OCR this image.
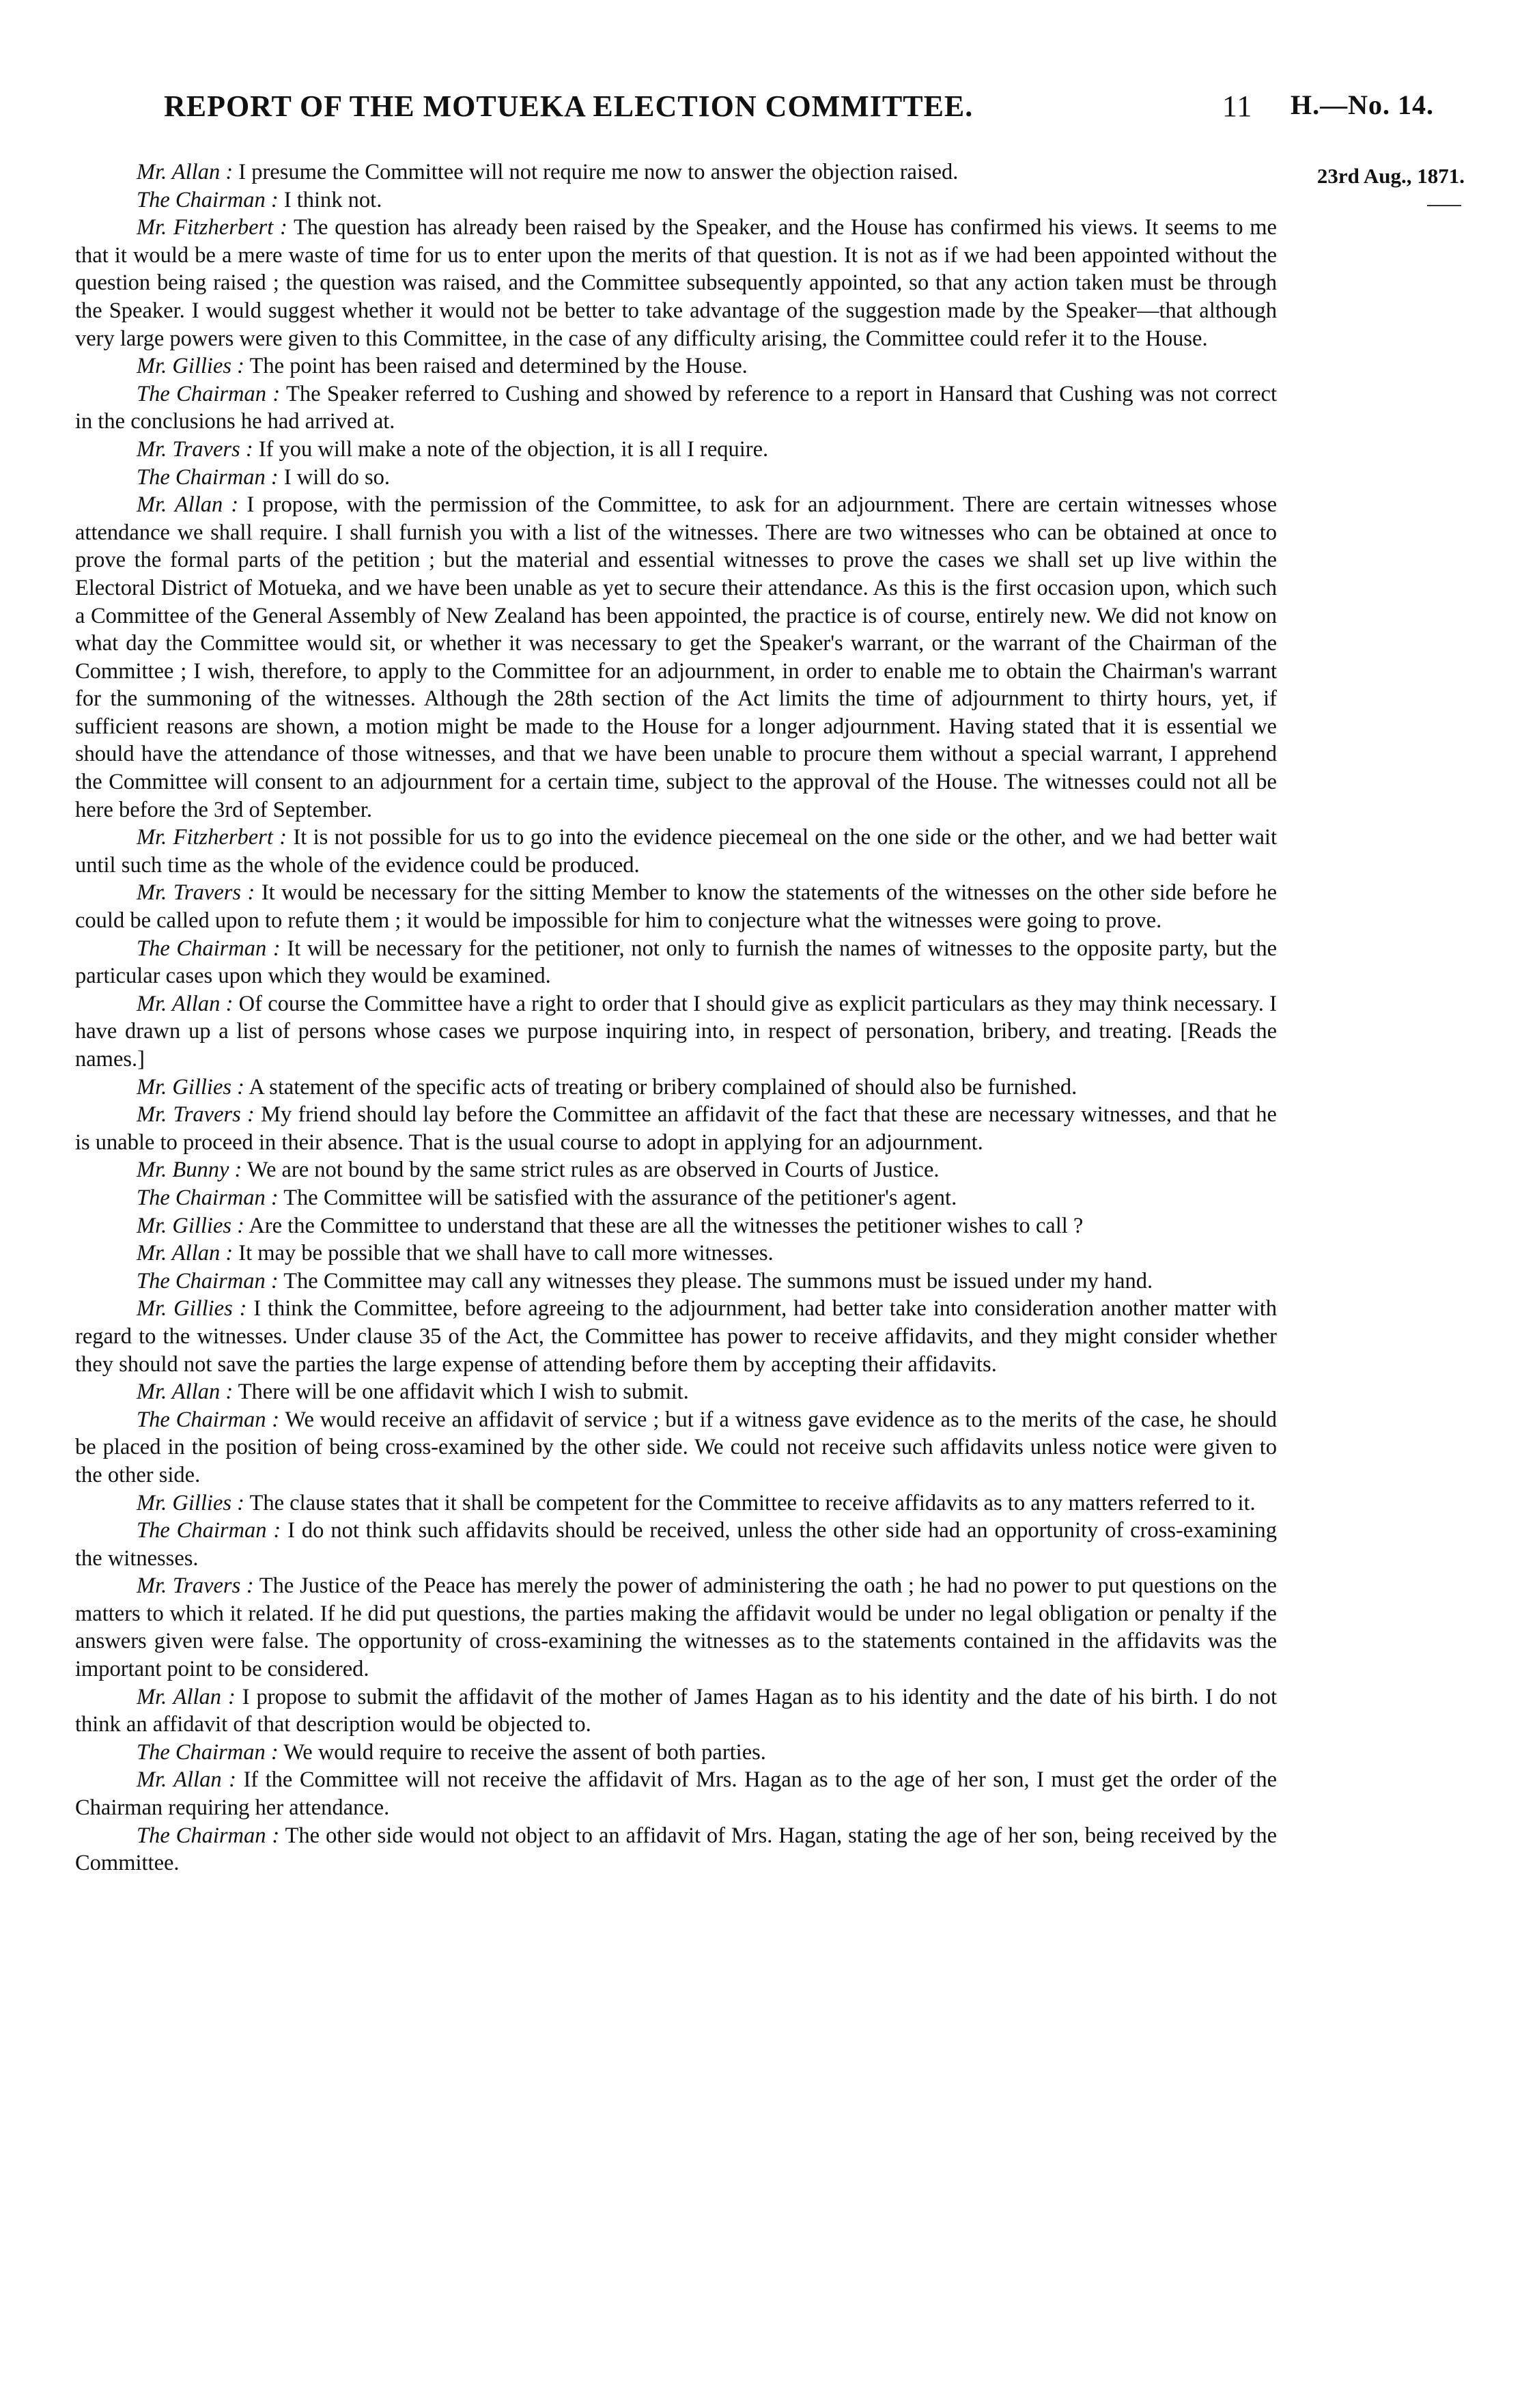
REPORT OF THE MOTUEKA ELECTION COMMITTEE.	11 H.—No. 14.
23rd Aug., 1871.

Mr. Allan : I presume the Committee will not require me now to answer the objection raised.

The Chairman : I think not.

Mr. Fitzherbert : The question has already been raised by the Speaker, and the House has confirmed his views. It seems to me that it would be a mere waste of time for us to enter upon the merits of that question. It is not as if we had been appointed without the question being raised ; the question was raised, and the Committee subsequently appointed, so that any action taken must be through the Speaker. I would suggest whether it would not be better to take advantage of the suggestion made by the Speaker—that although very large powers were given to this Committee, in the case of any difficulty arising, the Committee could refer it to the House.

Mr. Gillies : The point has been raised and determined by the House.

The Chairman : The Speaker referred to Cushing and showed by reference to a report in Hansard that Cushing was not correct in the conclusions he had arrived at.

Mr. Travers : If you will make a note of the objection, it is all I require.

The Chairman : I will do so.

Mr. Allan : I propose, with the permission of the Committee, to ask for an adjournment. There are certain witnesses whose attendance we shall require. I shall furnish you with a list of the witnesses. There are two witnesses who can be obtained at once to prove the formal parts of the petition ; but the material and essential witnesses to prove the cases we shall set up live within the Electoral District of Motueka, and we have been unable as yet to secure their attendance. As this is the first occasion upon, which such a Committee of the General Assembly of New Zealand has been appointed, the practice is of course, entirely new. We did not know on what day the Committee would sit, or whether it was necessary to get the Speaker's warrant, or the warrant of the Chairman of the Committee ; I wish, therefore, to apply to the Committee for an adjournment, in order to enable me to obtain the Chairman's warrant for the summoning of the witnesses. Although the 28th section of the Act limits the time of adjournment to thirty hours, yet, if sufficient reasons are shown, a motion might be made to the House for a longer adjournment. Having stated that it is essential we should have the attendance of those witnesses, and that we have been unable to procure them without a special warrant, I apprehend the Committee will consent to an adjournment for a certain time, subject to the approval of the House. The witnesses could not all be here before the 3rd of September.

Mr. Fitzherbert : It is not possible for us to go into the evidence piecemeal on the one side or the other, and we had better wait until such time as the whole of the evidence could be produced.

Mr. Travers : It would be necessary for the sitting Member to know the statements of the witnesses on the other side before he could be called upon to refute them ; it would be impossible for him to conjecture what the witnesses were going to prove.

The Chairman : It will be necessary for the petitioner, not only to furnish the names of witnesses to the opposite party, but the particular cases upon which they would be examined.

Mr. Allan : Of course the Committee have a right to order that I should give as explicit particulars as they may think necessary. I have drawn up a list of persons whose cases we purpose inquiring into, in respect of personation, bribery, and treating. [Reads the names.]

Mr. Gillies : A statement of the specific acts of treating or bribery complained of should also be furnished.

Mr. Travers : My friend should lay before the Committee an affidavit of the fact that these are necessary witnesses, and that he is unable to proceed in their absence. That is the usual course to adopt in applying for an adjournment.

Mr. Bunny : We are not bound by the same strict rules as are observed in Courts of Justice.

The Chairman : The Committee will be satisfied with the assurance of the petitioner's agent.

Mr. Gillies : Are the Committee to understand that these are all the witnesses the petitioner wishes to call ?

Mr. Allan : It may be possible that we shall have to call more witnesses.

The Chairman : The Committee may call any witnesses they please. The summons must be issued under my hand.

Mr. Gillies : I think the Committee, before agreeing to the adjournment, had better take into consideration another matter with regard to the witnesses. Under clause 35 of the Act, the Committee has power to receive affidavits, and they might consider whether they should not save the parties the large expense of attending before them by accepting their affidavits.

Mr. Allan : There will be one affidavit which I wish to submit.

The Chairman : We would receive an affidavit of service ; but if a witness gave evidence as to the merits of the case, he should be placed in the position of being cross-examined by the other side. We could not receive such affidavits unless notice were given to the other side.

Mr. Gillies : The clause states that it shall be competent for the Committee to receive affidavits as to any matters referred to it.

The Chairman : I do not think such affidavits should be received, unless the other side had an opportunity of cross-examining the witnesses.

Mr. Travers : The Justice of the Peace has merely the power of administering the oath ; he had no power to put questions on the matters to which it related. If he did put questions, the parties making the affidavit would be under no legal obligation or penalty if the answers given were false. The opportunity of cross-examining the witnesses as to the statements contained in the affidavits was the important point to be considered.

Mr. Allan : I propose to submit the affidavit of the mother of James Hagan as to his identity and the date of his birth. I do not think an affidavit of that description would be objected to.

The Chairman : We would require to receive the assent of both parties.

Mr. Allan : If the Committee will not receive the affidavit of Mrs. Hagan as to the age of her son, I must get the order of the Chairman requiring her attendance.

The Chairman : The other side would not object to an affidavit of Mrs. Hagan, stating the age of her son, being received by the Committee.
